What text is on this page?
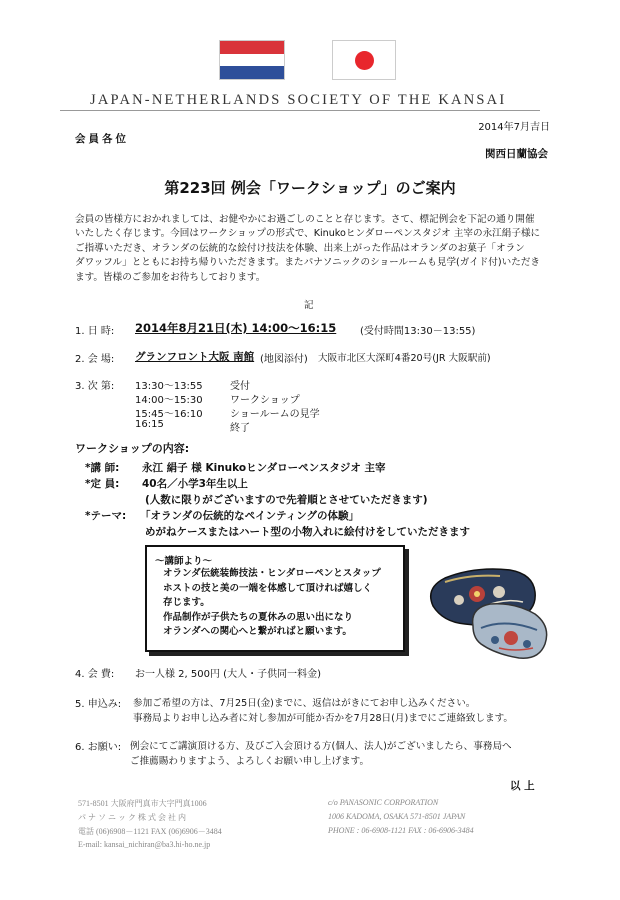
JAPAN-NETHERLANDS SOCIETY OF THE KANSAI
2014年7月吉日
会員各位
関西日蘭協会
第223回 例会「ワークショップ」のご案内
会員の皆様方におかれましては、お健やかにお過ごしのことと存じます。さて、標記例会を下記の通り開催
いたしたく存じます。今回はワークショップの形式で、Kinukoヒンダローペンスタジオ 主宰の永江絹子様に
ご指導いただき、オランダの伝統的な絵付け技法を体験、出来上がった作品はオランダのお菓子「オラン
ダワッフル」とともにお持ち帰りいただきます。またパナソニックのショールームも見学(ガイド付)いただき
ます。皆様のご参加をお待ちしております。
記
1. 日 時: 2014年8月21日(木) 14:00～16:15 (受付時間13:30－13:55)
2. 会 場: グランフロント大阪 南館 (地図添付) 大阪市北区大深町4番20号(JR 大阪駅前)
3. 次 第: 13:30～13:55	受付
14:00～15:30	ワークショップ
15:45～16:10	ショールームの見学
16:15	終了
ワークショップの内容:
*講 師: 永江 絹子 様 Kinukoヒンダローペンスタジオ 主宰
*定 員: 40名／小学3年生以上
(人数に限りがございますので先着順とさせていただきます)
*テーマ: 「オランダの伝統的なペインティングの体験」
めがねケースまたはハート型の小物入れに絵付けをしていただきます
～講師より～
オランダ伝統装飾技法・ヒンダローペンとスタップ
ホストの技と美の一端を体感して頂ければ嬉しく
存じます。
作品制作が子供たちの夏休みの思い出になり
オランダへの関心へと繋がればと願います。
4. 会 費: お一人様 2, 500円 (大人・子供同一料金)
5. 申込み: 参加ご希望の方は、7月25日(金)までに、返信はがきにてお申し込みください。
事務局よりお申し込み者に対し参加が可能か否かを7月28日(月)までにご連絡致します。
6. お願い: 例会にてご講演頂ける方、及びご入会頂ける方(個人、法人)がございましたら、事務局へ
ご推薦賜わりますよう、よろしくお願い申し上げます。
以 上
571-8501 大阪府門真市大字門真1006
パ ナ ソ ニ ッ ク 株 式 会 社 内
電話 (06)6908－1121 FAX (06)6906－3484
E-mail: kansai_nichiran@ba3.hi-ho.ne.jp
c/o PANASONIC CORPORATION
1006 KADOMA, OSAKA 571-8501 JAPAN
PHONE : 06-6908-1121 FAX : 06-6906-3484
